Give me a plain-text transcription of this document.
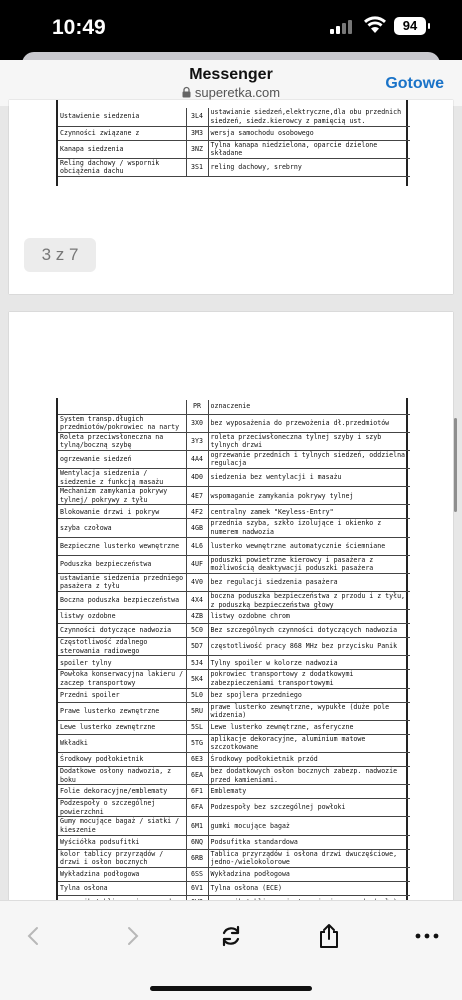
10:49	94
Messenger
superetka.com
Gotowe
Ustawienie siedzenia	3L4	ustawianie siedzeń,elektryczne,dla obu przednich siedzeń, siedz.kierowcy z pamięcią ust.
Czynności związane z	3M3	wersja samochodu osobowego
Kanapa siedzenia	3NZ	Tylna kanapa niedzielona, oparcie dzielone składane
Reling dachowy / wspornik obciążenia dachu	3S1	reling dachowy, srebrny
3 z 7
	PR	oznaczenie
System transp.długich przedmiotów/pokrowiec na narty	3X0	bez wyposażenia do przewożenia dł.przedmiotów
Roleta przeciwsłoneczna na tylną/boczną szybę	3Y3	roleta przeciwsłoneczna tylnej szyby i szyb tylnych drzwi
ogrzewanie siedzeń	4A4	ogrzewanie przednich i tylnych siedzeń, oddzielna regulacja
Wentylacja siedzenia / siedzenie z funkcją masażu	4D0	siedzenia bez wentylacji i masażu
Mechanizm zamykania pokrywy tylnej/ pokrywy z tyłu	4E7	wspomaganie zamykania pokrywy tylnej
Blokowanie drzwi i pokryw	4F2	centralny zamek "Keyless-Entry"
szyba czołowa	4GB	przednia szyba, szkło izolujące i okienko z numerem nadwozia
Bezpieczne lusterko wewnętrzne	4L6	lusterko wewnętrzne automatycznie ściemniane
Poduszka bezpieczeństwa	4UF	poduszki powietrzne kierowcy i pasażera z możliwością deaktywacji poduszki pasażera
ustawianie siedzenia przedniego pasażera z tyłu	4V0	bez regulacji siedzenia pasażera
Boczna poduszka bezpieczeństwa	4X4	boczna poduszka bezpieczeństwa z przodu i z tyłu, z poduszką bezpieczeństwa głowy
listwy ozdobne	4ZB	listwy ozdobne chrom
Czynności dotyczące nadwozia	5C0	Bez szczególnych czynności dotyczących nadwozia
Częstotliwość zdalnego sterowania radiowego	5D7	częstotliwość pracy 868 MHz bez przycisku Panik
spoiler tylny	5J4	Tylny spoiler w kolorze nadwozia
Powłoka konserwacyjna lakieru / zaczep transportowy	5K4	pokrowiec transportowy z dodatkowymi zabezpieczeniami transportowymi
Przedni spoiler	5L0	bez spojlera przedniego
Prawe lusterko zewnętrzne	5RU	prawe lusterko zewnętrzne, wypukłe (duże pole widzenia)
Lewe lusterko zewnętrzne	5SL	Lewe lusterko zewnętrzne, asferyczne
Wkładki	5TG	aplikacje dekoracyjne, aluminium matowe szczotkowane
Środkowy podłokietnik	6E3	Środkowy podłokietnik przód
Dodatkowe osłony nadwozia, z boku	6EA	bez dodatkowych osłon bocznych zabezp. nadwozie przed kamieniami.
Folie dekoracyjne/emblematy	6F1	Emblematy
Podzespoły o szczególnej powierzchni	6FA	Podzespoły bez szczególnej powłoki
Gumy mocujące bagaż / siatki / kieszenie	6M1	gumki mocujące bagaż
Wyściółka podsufitki	6NQ	Podsufitka standardowa
kolor tablicy przyrządów / drzwi i osłon bocznych	6RB	Tablica przyrządów i osłona drzwi dwuczęściowe, jedno-/wielokolorowe
Wykładzina podłogowa	6SS	Wykładzina podłogowa
Tylna osłona	6V1	Tylna osłona (ECE)
